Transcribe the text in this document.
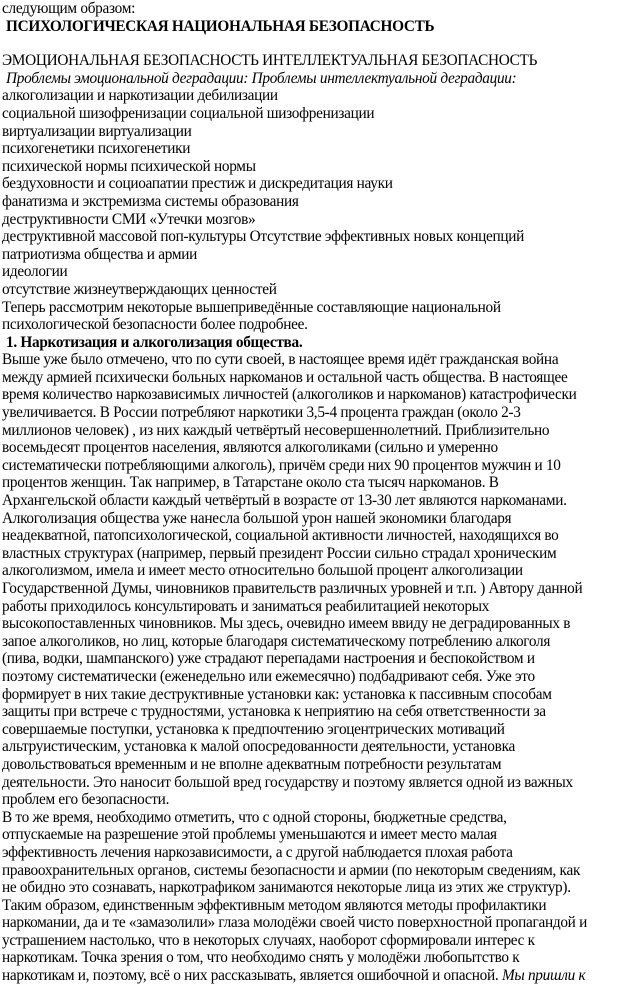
следующим образом:
ПСИХОЛОГИЧЕСКАЯ НАЦИОНАЛЬНАЯ БЕЗОПАСНОСТЬ
ЭМОЦИОНАЛЬНАЯ БЕЗОПАСНОСТЬ ИНТЕЛЛЕКТУАЛЬНАЯ БЕЗОПАСНОСТЬ
Проблемы эмоциональной деградации: Проблемы интеллектуальной деградации:
алкоголизации и наркотизации дебилизации
социальной шизофренизации социальной шизофренизации
виртуализации виртуализации
психогенетики психогенетики
психической нормы психической нормы
бездуховности и социоапатии престиж и дискредитация науки
фанатизма и экстремизма системы образования
деструктивности СМИ «Утечки мозгов»
деструктивной массовой поп-культуры Отсутствие эффективных новых концепций
патриотизма общества и армии
идеологии
отсутствие жизнеутверждающих ценностей
Теперь рассмотрим некоторые вышеприведённые составляющие национальной
психологической безопасности более подробнее.
1. Наркотизация и алкоголизация общества.
Выше уже было отмечено, что по сути своей, в настоящее время идёт гражданская война
между армией психически больных наркоманов и остальной часть общества. В настоящее
время количество наркозависимых личностей (алкоголиков и наркоманов) катастрофически
увеличивается. В России потребляют наркотики 3,5-4 процента граждан (около 2-3
миллионов человек) , из них каждый четвёртый несовершеннолетний. Приблизительно
восемьдесят процентов населения, являются алкоголиками (сильно и умеренно
систематически потребляющими алкоголь), причём среди них 90 процентов мужчин и 10
процентов женщин. Так например, в Татарстане около ста тысяч наркоманов. В
Архангельской области каждый четвёртый в возрасте от 13-30 лет являются наркоманами.
Алкоголизация общества уже нанесла большой урон нашей экономики благодаря
неадекватной, патопсихологической, социальной активности личностей, находящихся во
властных структурах (например, первый президент России сильно страдал хроническим
алкоголизмом, имела и имеет место относительно большой процент алкоголизации
Государственной Думы, чиновников правительств различных уровней и т.п. ) Автору данной
работы приходилось консультировать и заниматься реабилитацией некоторых
высокопоставленных чиновников. Мы здесь, очевидно имеем ввиду не деградированных в
запое алкоголиков, но лиц, которые благодаря систематическому потреблению алкоголя
(пива, водки, шампанского) уже страдают перепадами настроения и беспокойством и
поэтому систематически (еженедельно или ежемесячно) подбадривают себя. Уже это
формирует в них такие деструктивные установки как: установка к пассивным способам
защиты при встрече с трудностями, установка к неприятию на себя ответственности за
совершаемые поступки, установка к предпочтению эгоцентрических мотиваций
альтруистическим, установка к малой опосредованности деятельности, установка
довольствоваться временным и не вполне адекватным потребности результатам
деятельности. Это наносит большой вред государству и поэтому является одной из важных
проблем его безопасности.
В то же время, необходимо отметить, что с одной стороны, бюджетные средства,
отпускаемые на разрешение этой проблемы уменьшаются и имеет место малая
эффективность лечения наркозависимости, а с другой наблюдается плохая работа
правоохранительных органов, системы безопасности и армии (по некоторым сведениям, как
не обидно это сознавать, наркотрафиком занимаются некоторые лица из этих же структур).
Таким образом, единственным эффективным методом являются методы профилактики
наркомании, да и те «замазолили» глаза молодёжи своей чисто поверхностной пропагандой и
устрашением настолько, что в некоторых случаях, наоборот сформировали интерес к
наркотикам. Точка зрения о том, что необходимо снять у молодёжи любопытство к
наркотикам и, поэтому, всё о них рассказывать, является ошибочной и опасной. Мы пришли к
